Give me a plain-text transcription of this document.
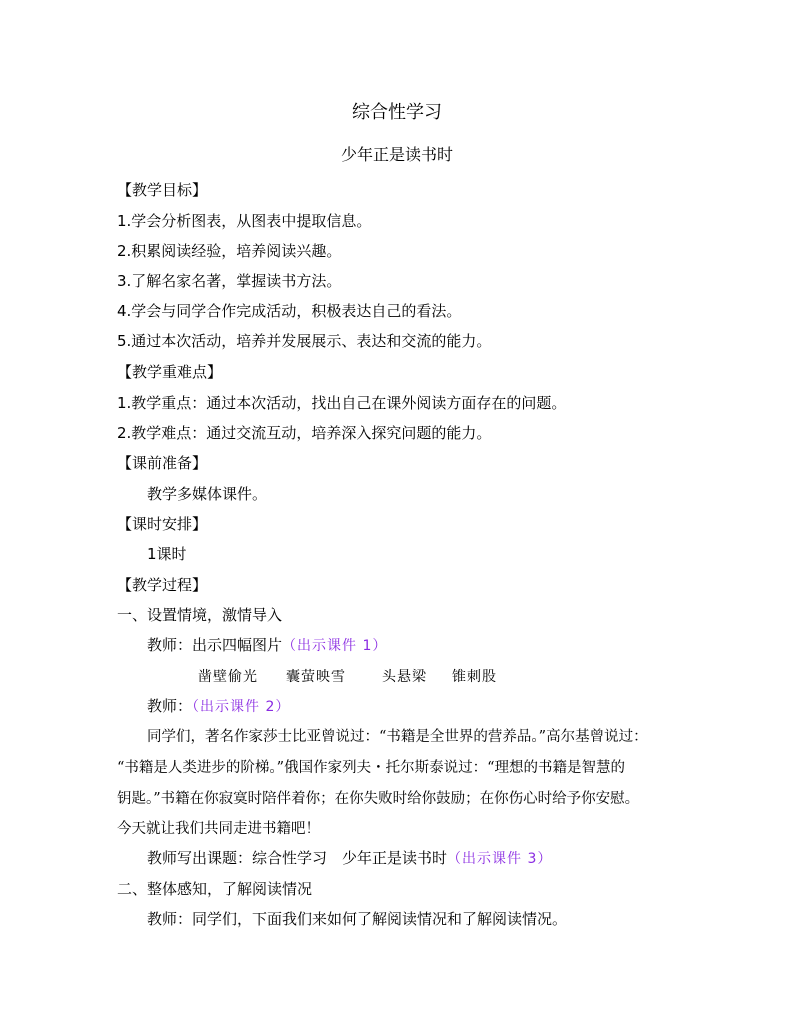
综合性学习
少年正是读书时
【教学目标】
1.学会分析图表，从图表中提取信息。
2.积累阅读经验，培养阅读兴趣。
3.了解名家名著，掌握读书方法。
4.学会与同学合作完成活动，积极表达自己的看法。
5.通过本次活动，培养并发展展示、表达和交流的能力。
【教学重难点】
1.教学重点：通过本次活动，找出自己在课外阅读方面存在的问题。
2.教学难点：通过交流互动，培养深入探究问题的能力。
【课前准备】
教学多媒体课件。
【课时安排】
1课时
【教学过程】
一、设置情境，激情导入
教师：出示四幅图片（出示课件 1）
凿壁偷光 囊萤映雪	头悬梁 锥刺股
教师：（出示课件 2）
同学们，著名作家莎士比亚曾说过：“书籍是全世界的营养品。”高尔基曾说过：
“书籍是人类进步的阶梯。”俄国作家列夫・托尔斯泰说过：“理想的书籍是智慧的
钥匙。”书籍在你寂寞时陪伴着你；在你失败时给你鼓励；在你伤心时给予你安慰。
今天就让我们共同走进书籍吧！
教师写出课题：综合性学习　少年正是读书时（出示课件 3）
二、整体感知，了解阅读情况
教师：同学们，下面我们来如何了解阅读情况和了解阅读情况。
